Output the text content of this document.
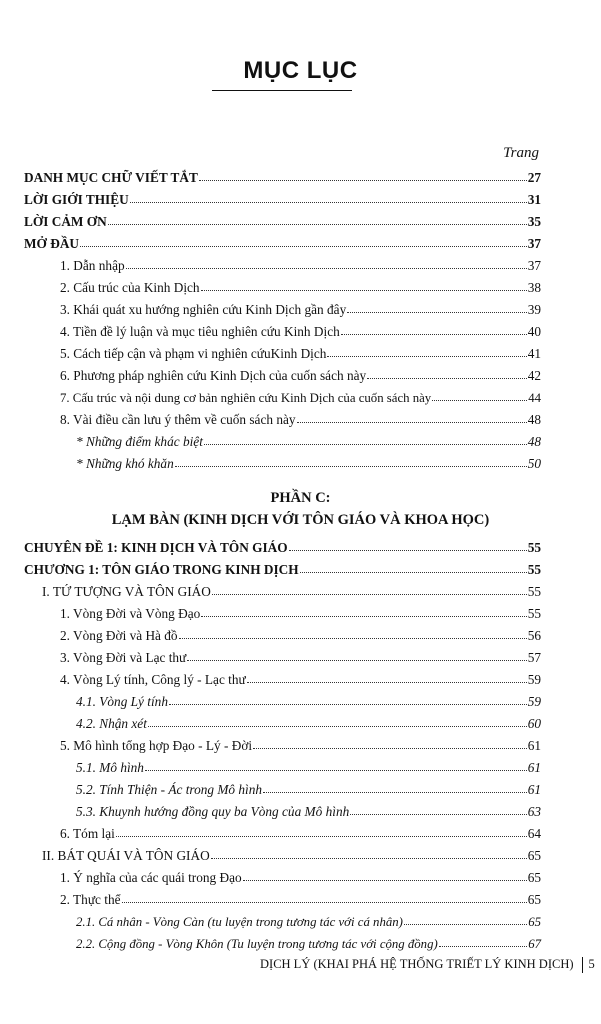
MỤC LỤC
Trang
DANH MỤC CHỮ VIẾT TẮT	27
LỜI GIỚI THIỆU	31
LỜI CẢM ƠN	35
MỞ ĐẦU	37
1. Dẫn nhập	37
2. Cấu trúc của Kinh Dịch	38
3. Khái quát xu hướng nghiên cứu Kinh Dịch gần đây	39
4. Tiền đề lý luận và mục tiêu nghiên cứu Kinh Dịch	40
5. Cách tiếp cận và phạm vi nghiên cứuKinh Dịch	41
6. Phương pháp nghiên cứu Kinh Dịch của cuốn sách này	42
7. Cấu trúc và nội dung cơ bản nghiên cứu Kinh Dịch của cuốn sách này	44
8. Vài điều cần lưu ý thêm về cuốn sách này	48
* Những điểm khác biệt	48
* Những khó khăn	50
PHẦN C:
LẠM BÀN (KINH DỊCH VỚI TÔN GIÁO VÀ KHOA HỌC)
CHUYÊN ĐỀ 1: KINH DỊCH VÀ TÔN GIÁO	55
CHƯƠNG 1: TÔN GIÁO TRONG KINH DỊCH	55
I. TỨ TƯỢNG VÀ TÔN GIÁO	55
1. Vòng Đời và Vòng Đạo	55
2. Vòng Đời và Hà đồ	56
3. Vòng Đời và Lạc thư	57
4. Vòng Lý tính, Công lý - Lạc thư	59
4.1. Vòng Lý tính	59
4.2. Nhận xét	60
5. Mô hình tổng hợp Đạo - Lý - Đời	61
5.1. Mô hình	61
5.2. Tính Thiện - Ác trong Mô hình	61
5.3. Khuynh hướng đồng quy ba Vòng của Mô hình	63
6. Tóm lại	64
II. BÁT QUÁI VÀ TÔN GIÁO	65
1. Ý nghĩa của các quái trong Đạo	65
2. Thực thể	65
2.1. Cá nhân - Vòng Càn (tu luyện trong tương tác với cá nhân)	65
2.2. Cộng đồng - Vòng Khôn (Tu luyện trong tương tác với cộng đồng)	67
DỊCH LÝ (KHAI PHÁ HỆ THỐNG TRIẾT LÝ KINH DỊCH) 5
